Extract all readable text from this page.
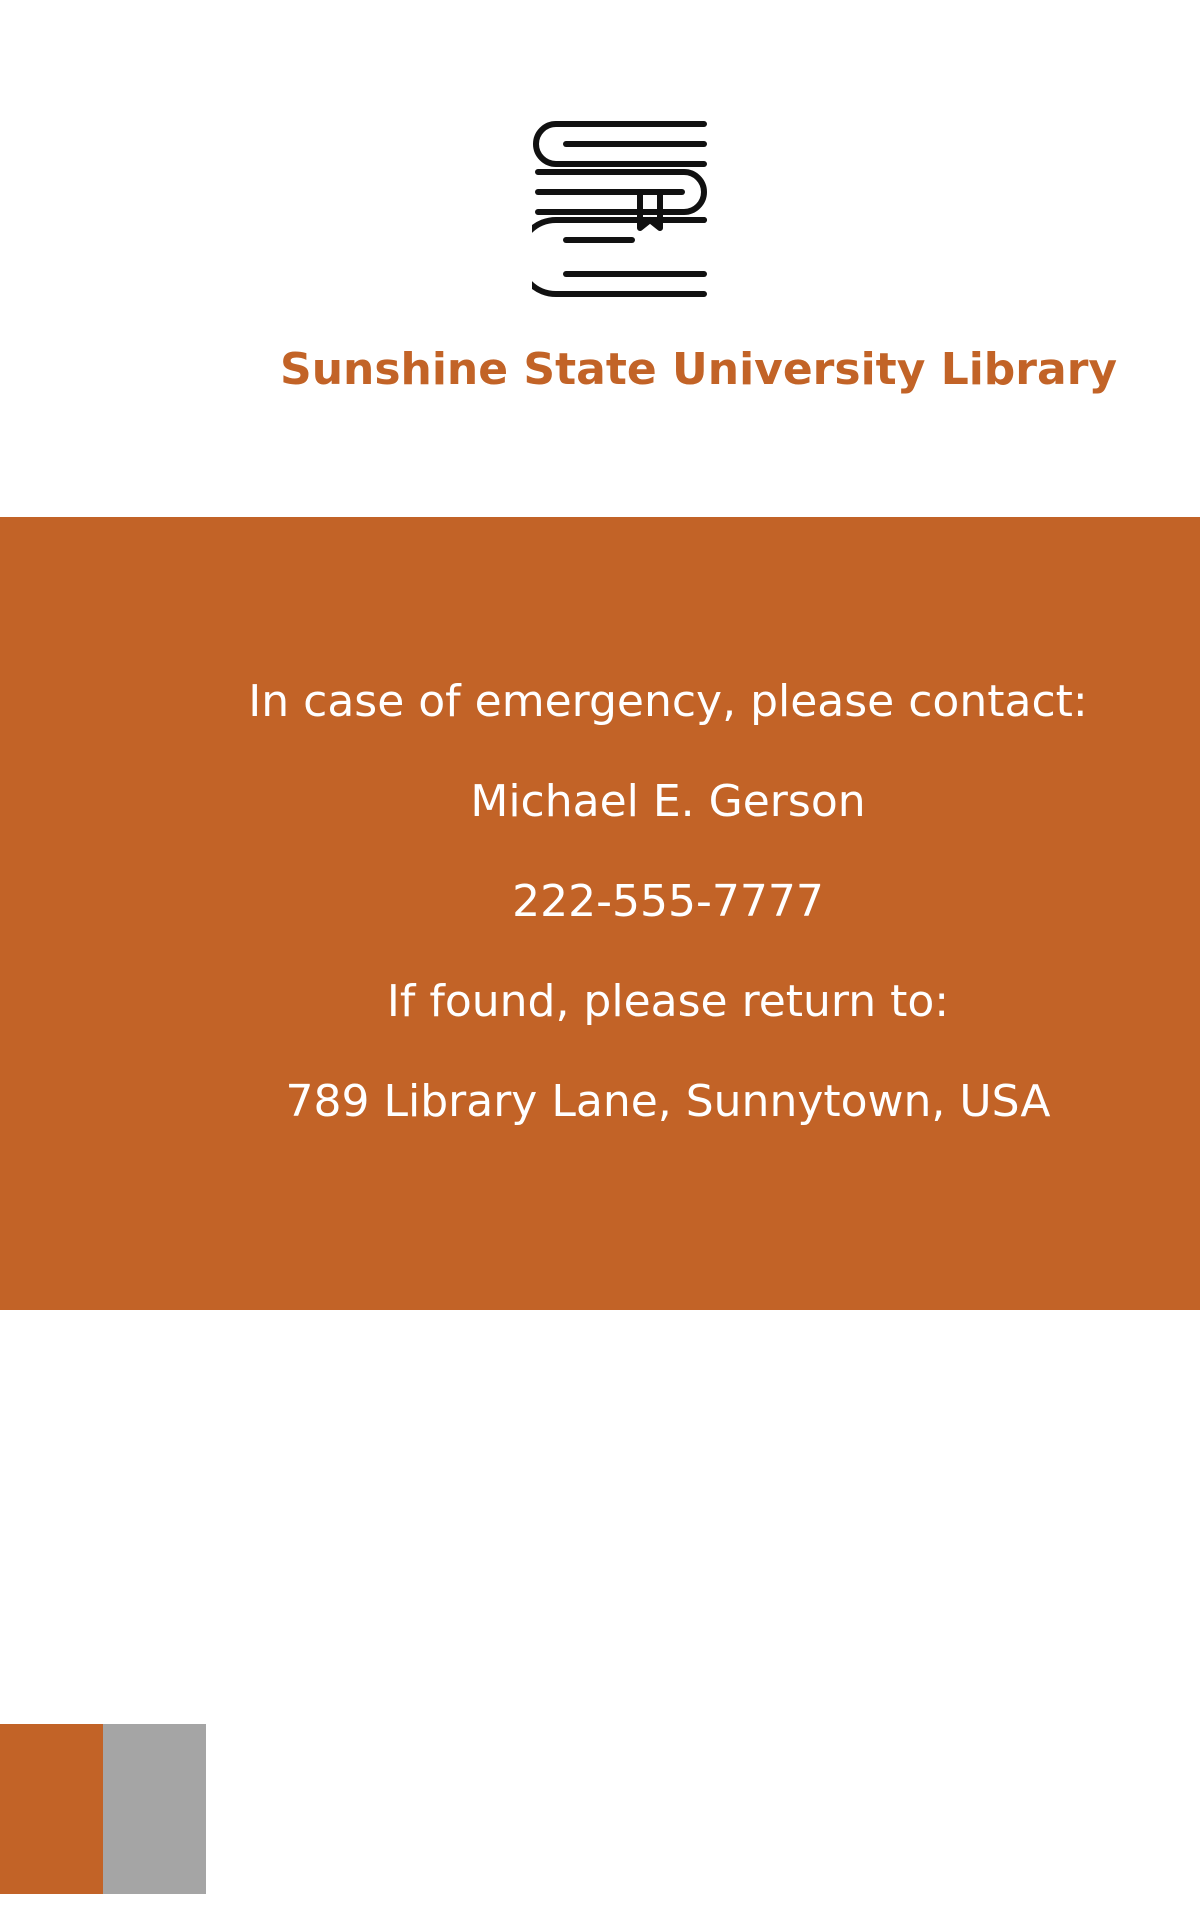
Sunshine State University Library
In case of emergency, please contact:
Michael E. Gerson
222-555-7777
If found, please return to:
789 Library Lane, Sunnytown, USA
